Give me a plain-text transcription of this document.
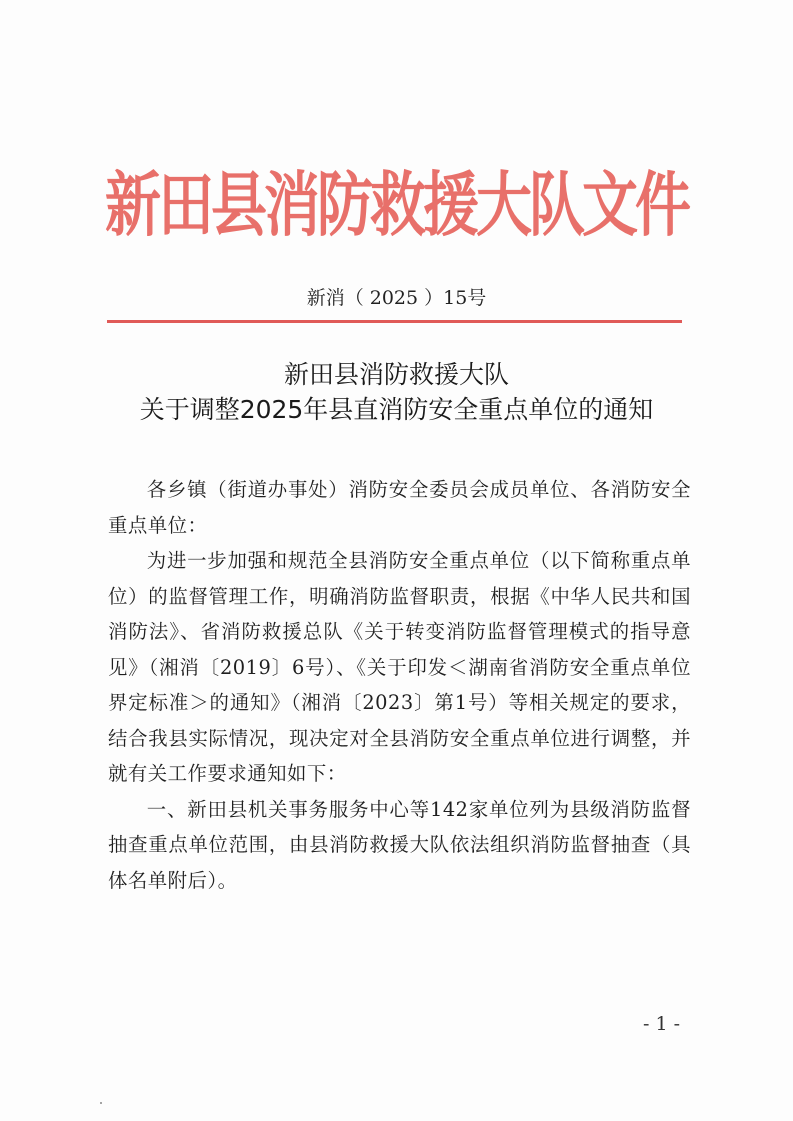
新田县消防救援大队文件
新消（ 2025 ）15号
新田县消防救援大队
关于调整2025年县直消防安全重点单位的通知

各乡镇（街道办事处）消防安全委员会成员单位、各消防安全重点单位：

为进一步加强和规范全县消防安全重点单位（以下简称重点单位）的监督管理工作，明确消防监督职责，根据《中华人民共和国消防法》、省消防救援总队《关于转变消防监督管理模式的指导意见》（湘消〔2019〕6号）、《关于印发＜湖南省消防安全重点单位界定标准＞的通知》（湘消〔2023〕第1号）等相关规定的要求，结合我县实际情况，现决定对全县消防安全重点单位进行调整，并就有关工作要求通知如下：

一、新田县机关事务服务中心等142家单位列为县级消防监督抽查重点单位范围，由县消防救援大队依法组织消防监督抽查（具体名单附后）。

- 1 -
